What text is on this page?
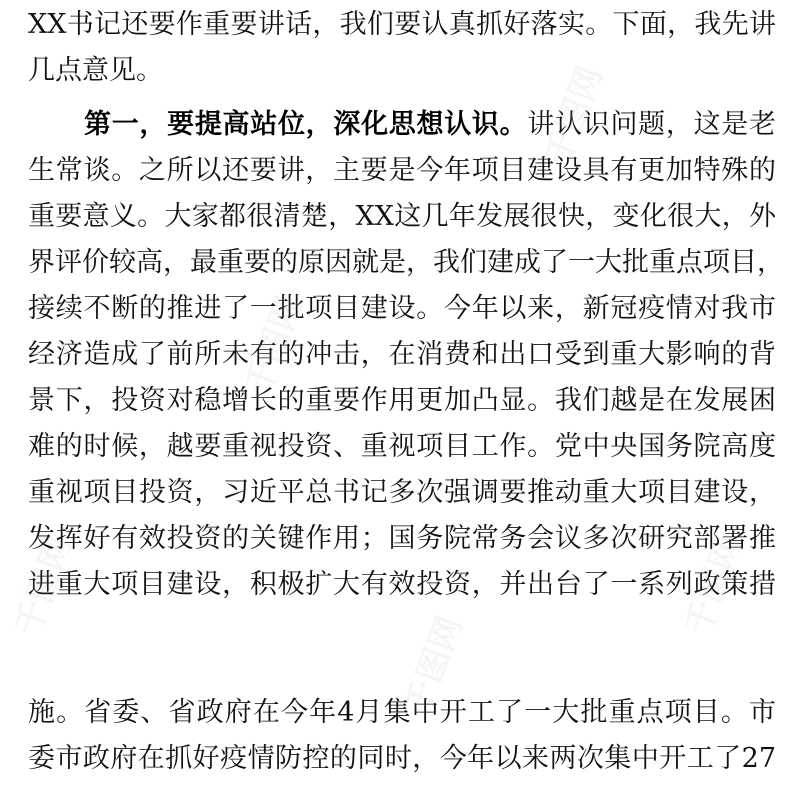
XX书记还要作重要讲话，我们要认真抓好落实。下面，我先讲
几点意见。
第一，要提高站位，深化思想认识。讲认识问题，这是老
生常谈。之所以还要讲，主要是今年项目建设具有更加特殊的
重要意义。大家都很清楚，XX这几年发展很快，变化很大，外
界评价较高，最重要的原因就是，我们建成了一大批重点项目，
接续不断的推进了一批项目建设。今年以来，新冠疫情对我市
经济造成了前所未有的冲击，在消费和出口受到重大影响的背
景下，投资对稳增长的重要作用更加凸显。我们越是在发展困
难的时候，越要重视投资、重视项目工作。党中央国务院高度
重视项目投资，习近平总书记多次强调要推动重大项目建设，
发挥好有效投资的关键作用；国务院常务会议多次研究部署推
进重大项目建设，积极扩大有效投资，并出台了一系列政策措
施。省委、省政府在今年4月集中开工了一大批重点项目。市
委市政府在抓好疫情防控的同时，今年以来两次集中开工了27
千图网
千图网
千图网
千图网
千图网
